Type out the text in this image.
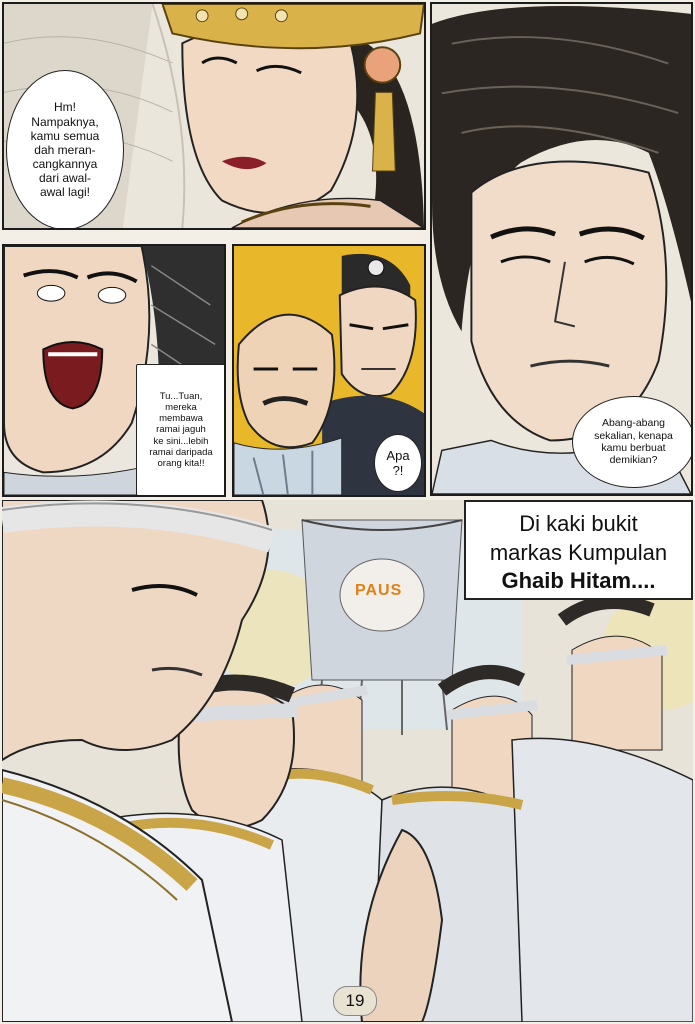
Hm!
Nampaknya,
kamu semua
dah meran-
cangkannya
dari awal-
awal lagi!
Abang-abang
sekalian, kenapa
kamu berbuat
demikian?
Tu...Tuan,
mereka
membawa
ramai jaguh
ke sini...lebih
ramai daripada
orang kita!!
Apa
?!
PAUS
Di kaki bukit
markas Kumpulan
Ghaib Hitam....
19
